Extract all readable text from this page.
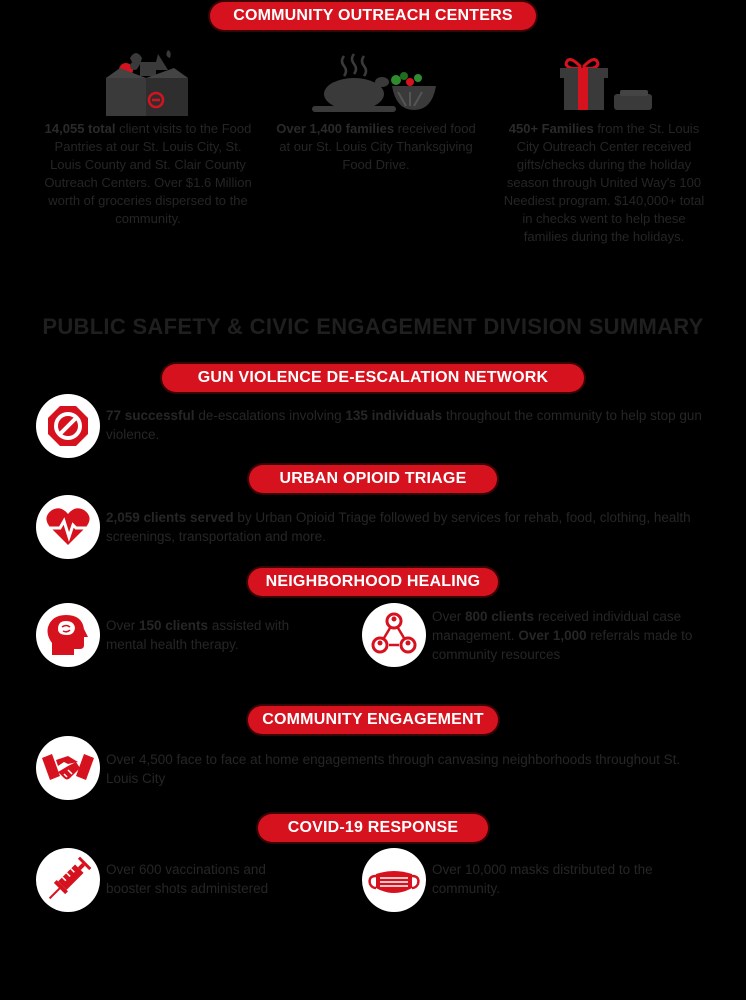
COMMUNITY OUTREACH CENTERS
14,055 total client visits to the Food Pantries at our St. Louis City, St. Louis County and St. Clair County Outreach Centers. Over $1.6 Million worth of groceries dispersed to the community.
Over 1,400 families received food at our St. Louis City Thanksgiving Food Drive.
450+ Families from the St. Louis City Outreach Center received gifts/checks during the holiday season through United Way's 100 Neediest program. $140,000+ total in checks went to help these families during the holidays.
PUBLIC SAFETY & CIVIC ENGAGEMENT DIVISION SUMMARY
GUN VIOLENCE DE-ESCALATION NETWORK
77 successful de-escalations involving 135 individuals throughout the community to help stop gun violence.
URBAN OPIOID TRIAGE
2,059 clients served by Urban Opioid Triage followed by services for rehab, food, clothing, health screenings, transportation and more.
NEIGHBORHOOD HEALING
Over 150 clients assisted with mental health therapy.
Over 800 clients received individual case management. Over 1,000 referrals made to community resources
COMMUNITY ENGAGEMENT
Over 4,500 face to face at home engagements through canvasing neighborhoods throughout St. Louis City
COVID-19 RESPONSE
Over 600 vaccinations and booster shots administered
Over 10,000 masks distributed to the community.
